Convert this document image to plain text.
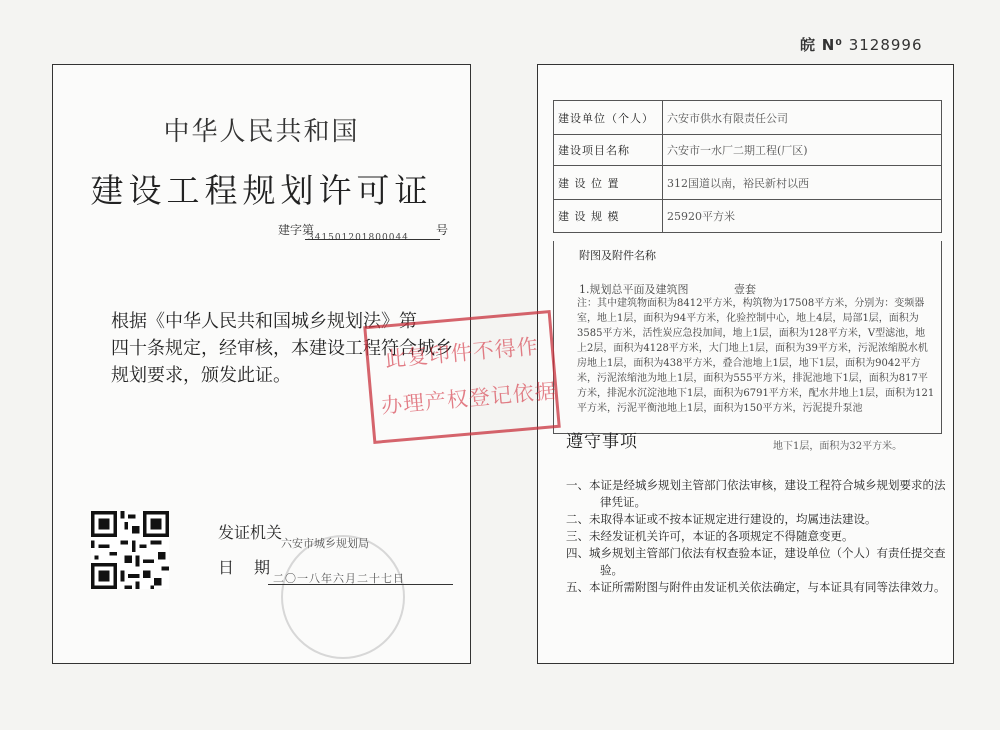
皖 N⁰ 3128996
中华人民共和国
建设工程规划许可证
建字第
341501201800044
号

根据《中华人民共和国城乡规划法》第

四十条规定，经审核，本建设工程符合城乡

规划要求，颁发此证。

发证机关
六安市城乡规划局
日期
二〇一八年六月二十七日
建设单位（个人）	六安市供水有限责任公司
建设项目名称	六安市一水厂二期工程(厂区)
建 设 位 置	312国道以南，裕民新村以西
建 设 规 模	25920平方米
附图及附件名称
1.规划总平面及建筑图	壹套
注：其中建筑物面积为8412平方米，构筑物为17508平方米，分别为：变频器室，地上1层，面积为94平方米，化验控制中心，地上4层，局部1层，面积为3585平方米，活性炭应急投加间，地上1层，面积为128平方米，V型滤池，地上2层，面积为4128平方米，大门地上1层，面积为39平方米，污泥浓缩脱水机房地上1层，面积为438平方米，叠合池地上1层，地下1层，面积为9042平方米，污泥浓缩池为地上1层，面积为555平方米，排泥池地下1层，面积为817平方米，排泥水沉淀池地下1层，面积为6791平方米，配水井地上1层，面积为121平方米，污泥平衡池地上1层，面积为150平方米，污泥提升泵池
地下1层，面积为32平方米。
遵守事项
一、本证是经城乡规划主管部门依法审核，建设工程符合城乡规划要求的法律凭证。
二、未取得本证或不按本证规定进行建设的，均属违法建设。
三、未经发证机关许可，本证的各项规定不得随意变更。
四、城乡规划主管部门依法有权查验本证，建设单位（个人）有责任提交查验。
五、本证所需附图与附件由发证机关依法确定，与本证具有同等法律效力。
此复印件不得作
办理产权登记依据
